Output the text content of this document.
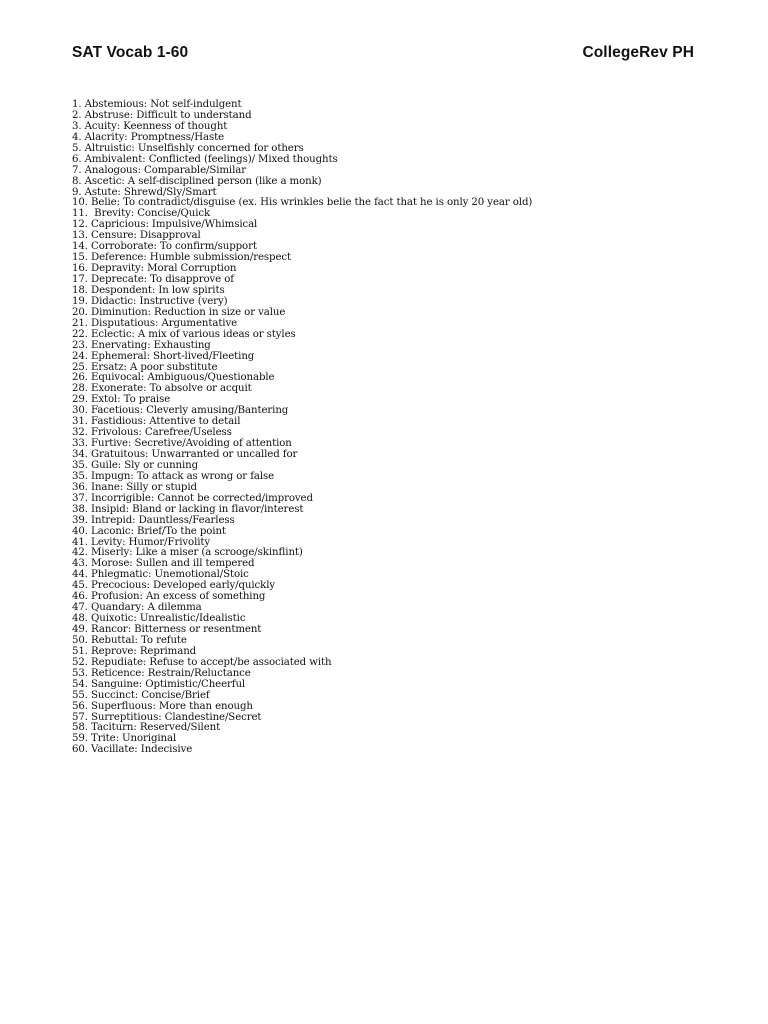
SAT Vocab 1-60	CollegeRev PH
1. Abstemious: Not self-indulgent
2. Abstruse: Difficult to understand
3. Acuity: Keenness of thought
4. Alacrity: Promptness/Haste
5. Altruistic: Unselfishly concerned for others
6. Ambivalent: Conflicted (feelings)/ Mixed thoughts
7. Analogous: Comparable/Similar
8. Ascetic: A self-disciplined person (like a monk)
9. Astute: Shrewd/Sly/Smart
10. Belie: To contradict/disguise (ex. His wrinkles belie the fact that he is only 20 year old)
11.  Brevity: Concise/Quick
12. Capricious: Impulsive/Whimsical
13. Censure: Disapproval
14. Corroborate: To confirm/support
15. Deference: Humble submission/respect
16. Depravity: Moral Corruption
17. Deprecate: To disapprove of
18. Despondent: In low spirits
19. Didactic: Instructive (very)
20. Diminution: Reduction in size or value
21. Disputatious: Argumentative
22. Eclectic: A mix of various ideas or styles
23. Enervating: Exhausting
24. Ephemeral: Short-lived/Fleeting
25. Ersatz: A poor substitute
26. Equivocal: Ambiguous/Questionable
28. Exonerate: To absolve or acquit
29. Extol: To praise
30. Facetious: Cleverly amusing/Bantering
31. Fastidious: Attentive to detail
32. Frivolous: Carefree/Useless
33. Furtive: Secretive/Avoiding of attention
34. Gratuitous: Unwarranted or uncalled for
35. Guile: Sly or cunning
35. Impugn: To attack as wrong or false
36. Inane: Silly or stupid
37. Incorrigible: Cannot be corrected/improved
38. Insipid: Bland or lacking in flavor/interest
39. Intrepid: Dauntless/Fearless
40. Laconic: Brief/To the point
41. Levity: Humor/Frivolity
42. Miserly: Like a miser (a scrooge/skinflint)
43. Morose: Sullen and ill tempered
44. Phlegmatic: Unemotional/Stoic
45. Precocious: Developed early/quickly
46. Profusion: An excess of something
47. Quandary: A dilemma
48. Quixotic: Unrealistic/Idealistic
49. Rancor: Bitterness or resentment
50. Rebuttal: To refute
51. Reprove: Reprimand
52. Repudiate: Refuse to accept/be associated with
53. Reticence: Restrain/Reluctance
54. Sanguine: Optimistic/Cheerful
55. Succinct: Concise/Brief
56. Superfluous: More than enough
57. Surreptitious: Clandestine/Secret
58. Taciturn: Reserved/Silent
59. Trite: Unoriginal
60. Vacillate: Indecisive
